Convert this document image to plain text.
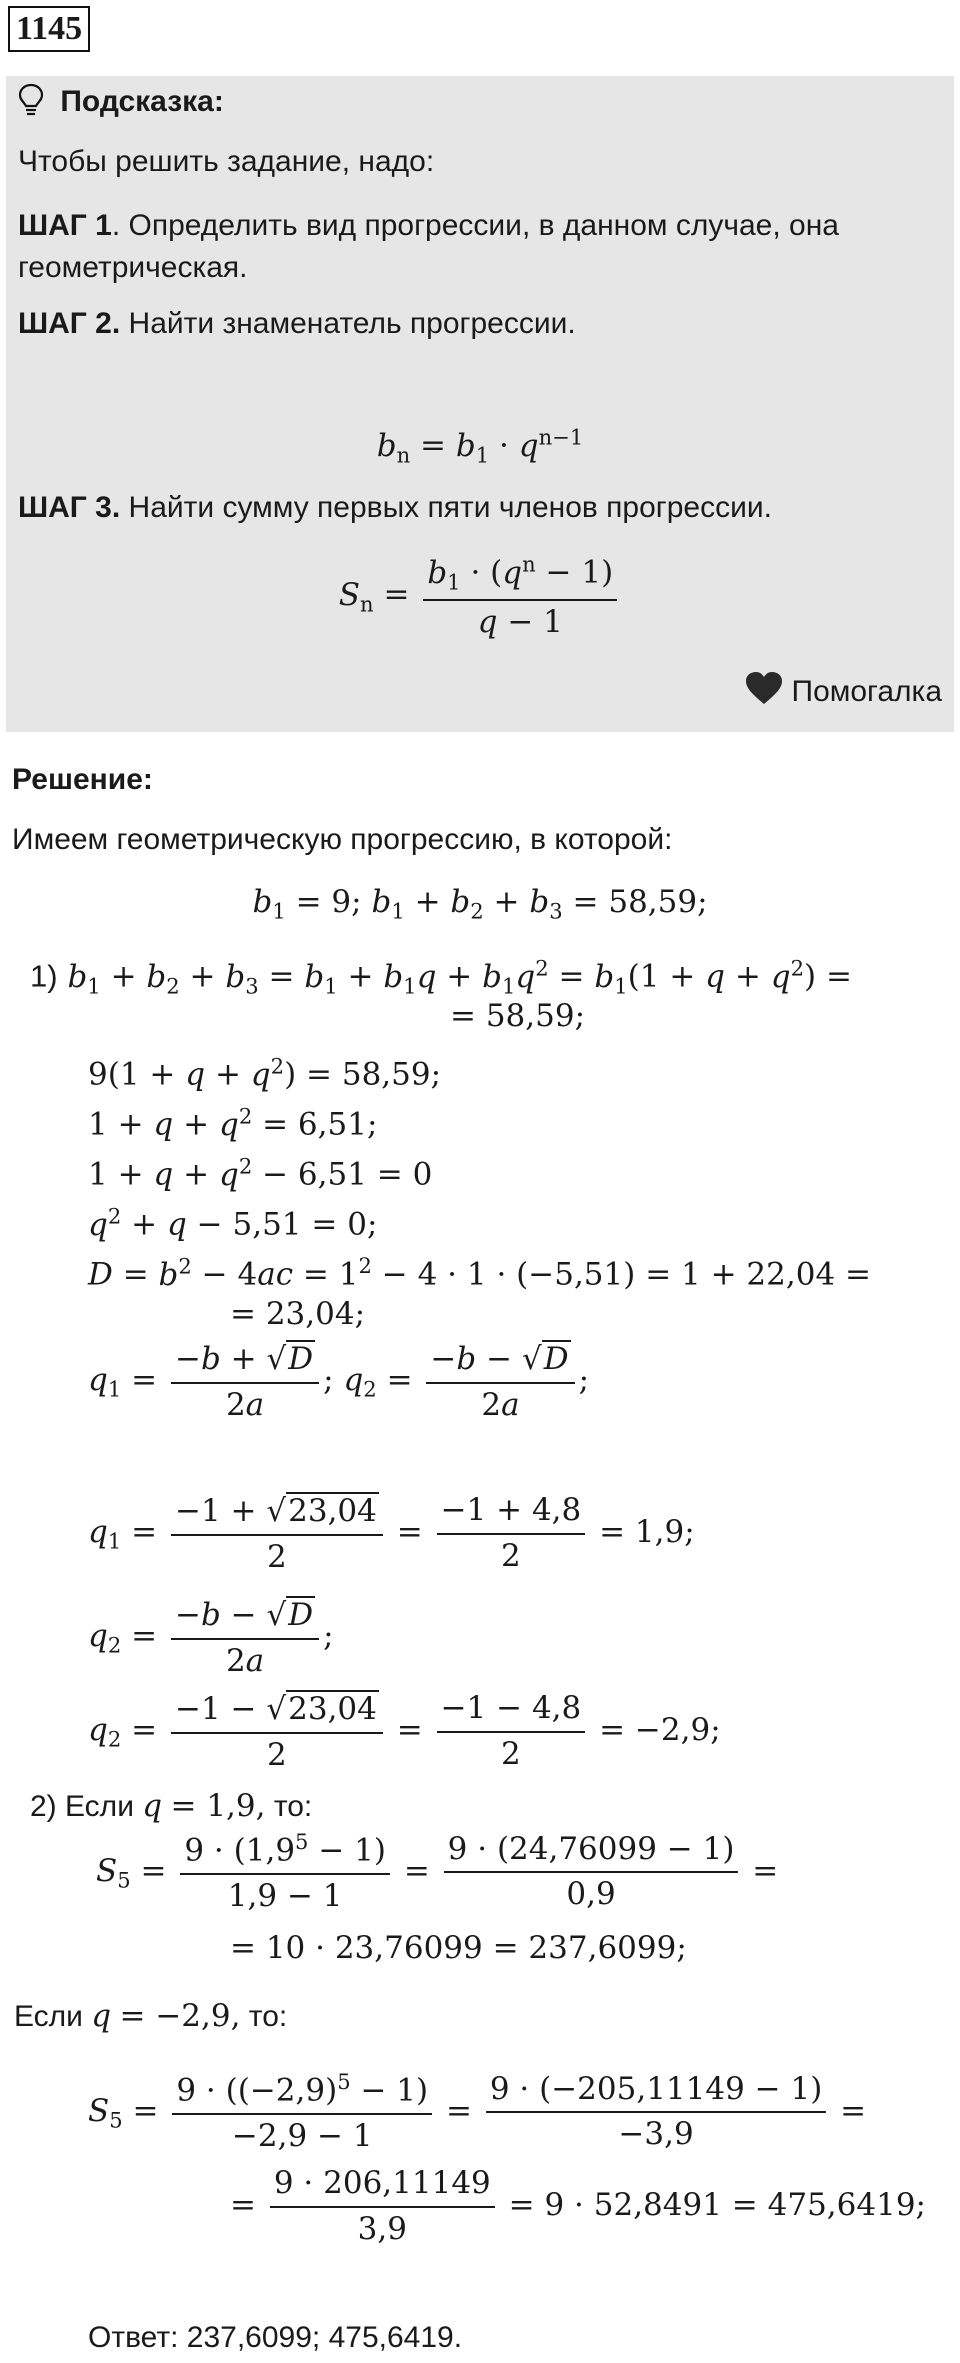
1145
Подсказка:
Чтобы решить задание, надо:
ШАГ 1. Определить вид прогрессии, в данном случае, она
геометрическая.
ШАГ 2. Найти знаменатель прогрессии.
$b_n = b_1 \cdot q^{n-1}$
ШАГ 3. Найти сумму первых пяти членов прогрессии.
$S_n = \frac{b_1 \cdot (q^n - 1)}{q - 1}$
Помогалка
Решение:
Имеем геометрическую прогрессию, в которой:
$b_1 = 9$; $b_1 + b_2 + b_3 = 58,59$;
1) $b_1 + b_2 + b_3 = b_1 + b_1q + b_1q^2 = b_1(1 + q + q^2)$ =
= 58,59;
$9(1 + q + q^2) = 58,59$;
$1 + q + q^2 = 6,51$;
$1 + q + q^2 - 6,51 = 0$
$q^2 + q - 5,51 = 0$;
$D = b^2 - 4ac = 1^2 - 4 \cdot 1 \cdot (-5,51) = 1 + 22,04$ =
= 23,04;
$q_1 = \frac{-b + √D}{2a}$ ; $q_2 = \frac{-b - √D}{2a}$ ;
$q_1 = \frac{-1 + √23,04}{2} = \frac{-1 + 4,8}{2} = 1,9$;
$q_2 = \frac{-b - √D}{2a}$ ;
$q_2 = \frac{-1 - √23,04}{2} = \frac{-1 - 4,8}{2} = -2,9$;
2) Если q = 1,9, то:
$S_5 = \frac{9 \cdot (1,9^5 - 1)}{1,9 - 1} = \frac{9 \cdot (24,76099 - 1)}{0,9}$ =
= 10 · 23,76099 = 237,6099;
Если q = −2,9, то:
$S_5 = \frac{9 \cdot ((-2,9)^5 - 1)}{-2,9 - 1} = \frac{9 \cdot (-205,11149 - 1)}{-3,9}$ =
= $\frac{9 \cdot 206,11149}{3,9} = 9 \cdot 52,8491 = 475,6419$;
Ответ: 237,6099; 475,6419.
